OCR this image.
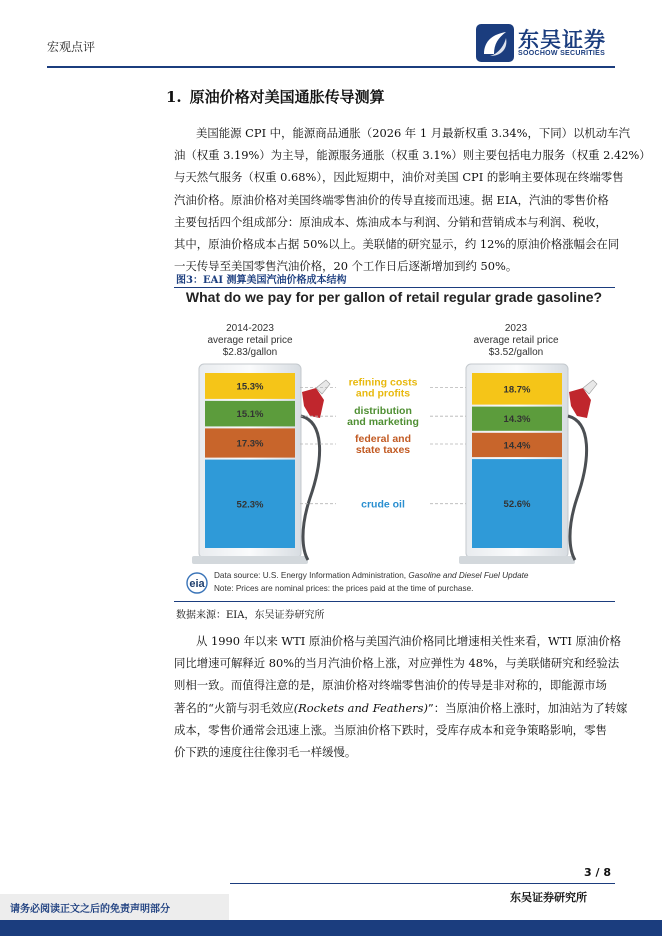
宏观点评	东吴证券
SOOCHOW SECURITIES
1. 原油价格对美国通胀传导测算
美国能源 CPI 中，能源商品通胀（2026 年 1 月最新权重 3.34%，下同）以机动车汽
油（权重 3.19%）为主导，能源服务通胀（权重 3.1%）则主要包括电力服务（权重 2.42%）
与天然气服务（权重 0.68%），因此短期中，油价对美国 CPI 的影响主要体现在终端零售
汽油价格。原油价格对美国终端零售油价的传导直接而迅速。据 EIA，汽油的零售价格
主要包括四个组成部分：原油成本、炼油成本与利润、分销和营销成本与利润、税收，
其中，原油价格成本占据 50%以上。美联储的研究显示，约 12%的原油价格涨幅会在同
一天传导至美国零售汽油价格，20 个工作日后逐渐增加到约 50%。
图3：EAI 测算美国汽油价格成本结构
What do we pay for per gallon of retail regular grade gasoline?
2014-2023
average retail price
$2.83/gallon
15.3%
15.1%
17.3%
52.3%
2023
average retail price
$3.52/gallon
18.7%
14.3%
14.4%
52.6%
refining costs
and profits
distribution
and marketing
federal and
state taxes
crude oil
eia
Data source: U.S. Energy Information Administration, Gasoline and Diesel Fuel Update
Note: Prices are nominal prices: the prices paid at the time of purchase.
数据来源：EIA，东吴证券研究所
从 1990 年以来 WTI 原油价格与美国汽油价格同比增速相关性来看，WTI 原油价格
同比增速可解释近 80%的当月汽油价格上涨，对应弹性为 48%，与美联储研究和经验法
则相一致。而值得注意的是，原油价格对终端零售油价的传导是非对称的，即能源市场
著名的“火箭与羽毛效应(Rockets and Feathers)”：当原油价格上涨时，加油站为了转嫁
成本，零售价通常会迅速上涨。当原油价格下跌时，受库存成本和竞争策略影响，零售
价下跌的速度往往像羽毛一样缓慢。
3 / 8
请务必阅读正文之后的免责声明部分
东吴证券研究所
